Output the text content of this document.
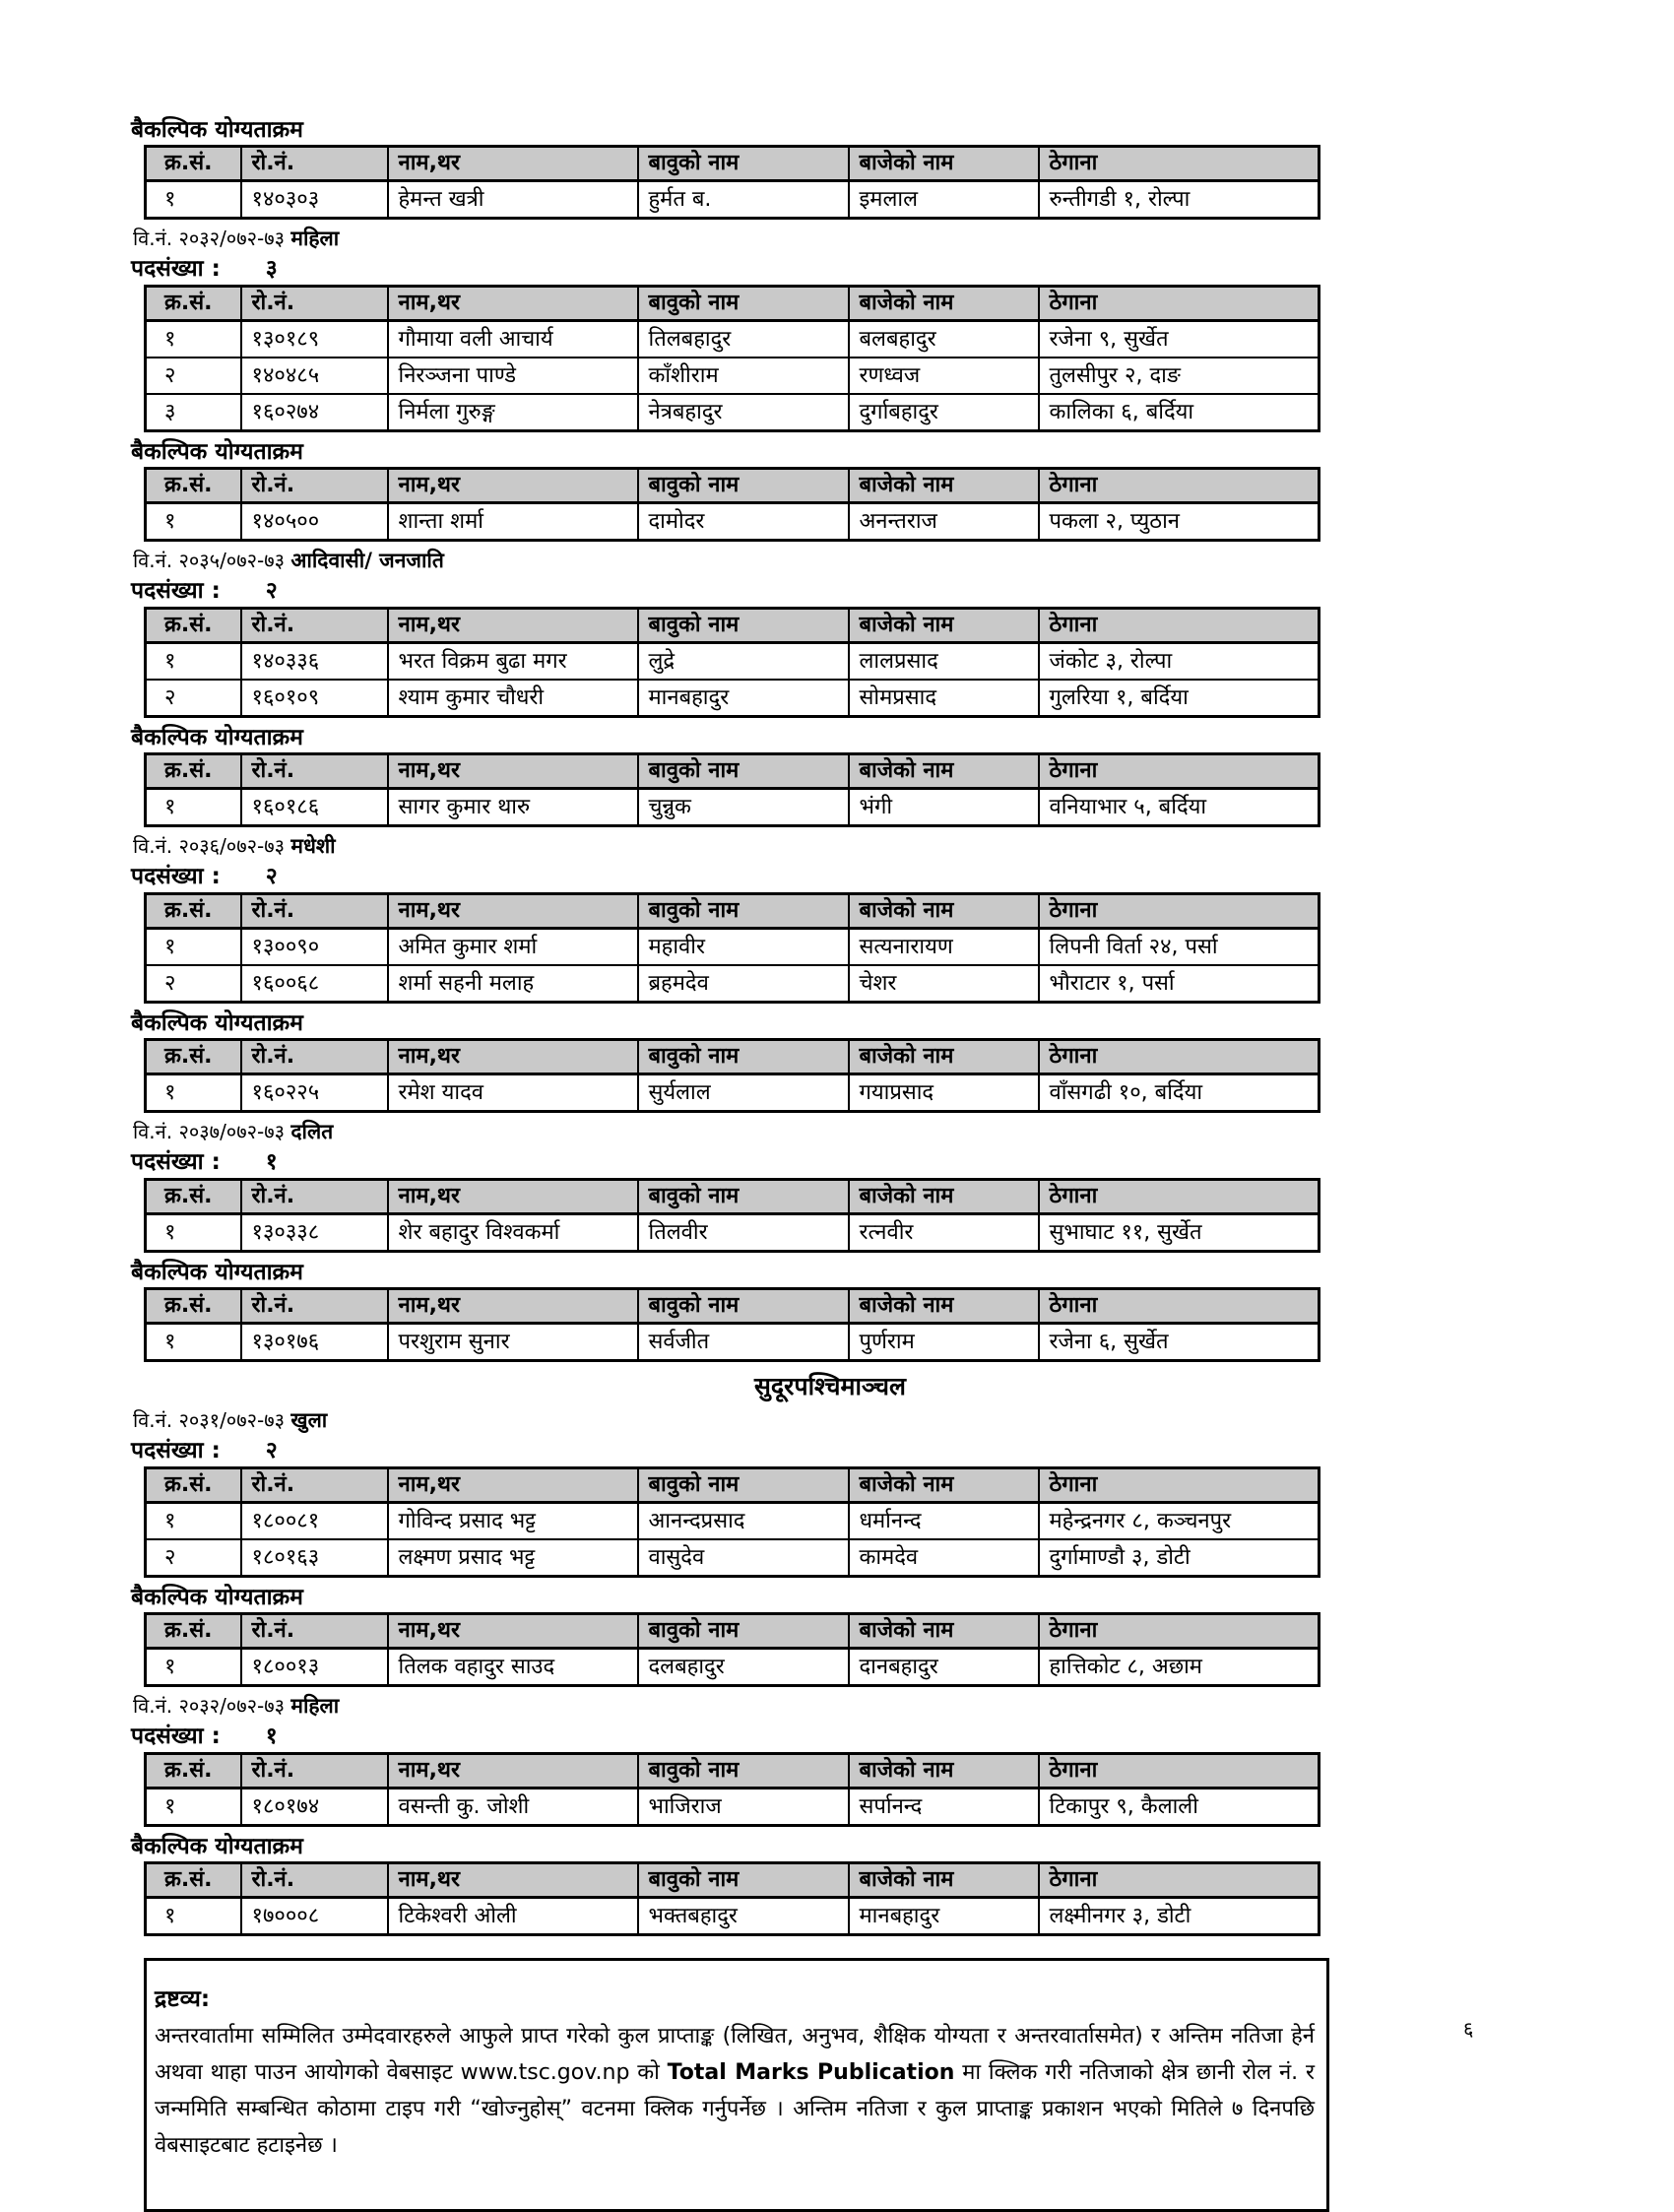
बैकल्पिक योग्यताक्रम
क्र.सं.	रो.नं.	नाम,थर	बावुको नाम	बाजेको नाम	ठेगाना
१	१४०३०३	हेमन्त खत्री	हुर्मत ब.	इमलाल	रुन्तीगडी १, रोल्पा
वि.नं. २०३२/०७२-७३ महिला
पदसंख्या : ३
क्र.सं.	रो.नं.	नाम,थर	बावुको नाम	बाजेको नाम	ठेगाना
१	१३०१८९	गौमाया वली आचार्य	तिलबहादुर	बलबहादुर	रजेना ९, सुर्खेत
२	१४०४८५	निरञ्जना पाण्डे	काँशीराम	रणध्वज	तुलसीपुर २, दाङ
३	१६०२७४	निर्मला गुरुङ्ग	नेत्रबहादुर	दुर्गाबहादुर	कालिका ६, बर्दिया
बैकल्पिक योग्यताक्रम
क्र.सं.	रो.नं.	नाम,थर	बावुको नाम	बाजेको नाम	ठेगाना
१	१४०५००	शान्ता शर्मा	दामोदर	अनन्तराज	पकला २, प्युठान
वि.नं. २०३५/०७२-७३ आदिवासी/ जनजाति
पदसंख्या : २
क्र.सं.	रो.नं.	नाम,थर	बावुको नाम	बाजेको नाम	ठेगाना
१	१४०३३६	भरत विक्रम बुढा मगर	लुद्रे	लालप्रसाद	जंकोट ३, रोल्पा
२	१६०१०९	श्याम कुमार चौधरी	मानबहादुर	सोमप्रसाद	गुलरिया १, बर्दिया
बैकल्पिक योग्यताक्रम
क्र.सं.	रो.नं.	नाम,थर	बावुको नाम	बाजेको नाम	ठेगाना
१	१६०१८६	सागर कुमार थारु	चुन्नुक	भंगी	वनियाभार ५, बर्दिया
वि.नं. २०३६/०७२-७३ मधेशी
पदसंख्या : २
क्र.सं.	रो.नं.	नाम,थर	बावुको नाम	बाजेको नाम	ठेगाना
१	१३००९०	अमित कुमार शर्मा	महावीर	सत्यनारायण	लिपनी विर्ता २४, पर्सा
२	१६००६८	शर्मा सहनी मलाह	ब्रहमदेव	चेशर	भौराटार १, पर्सा
बैकल्पिक योग्यताक्रम
क्र.सं.	रो.नं.	नाम,थर	बावुको नाम	बाजेको नाम	ठेगाना
१	१६०२२५	रमेश यादव	सुर्यलाल	गयाप्रसाद	वाँसगढी १०, बर्दिया
वि.नं. २०३७/०७२-७३ दलित
पदसंख्या : १
क्र.सं.	रो.नं.	नाम,थर	बावुको नाम	बाजेको नाम	ठेगाना
१	१३०३३८	शेर बहादुर विश्वकर्मा	तिलवीर	रत्नवीर	सुभाघाट ११, सुर्खेत
बैकल्पिक योग्यताक्रम
क्र.सं.	रो.नं.	नाम,थर	बावुको नाम	बाजेको नाम	ठेगाना
१	१३०१७६	परशुराम सुनार	सर्वजीत	पुर्णराम	रजेना ६, सुर्खेत
सुदूरपश्चिमाञ्चल
वि.नं. २०३१/०७२-७३ खुला
पदसंख्या : २
क्र.सं.	रो.नं.	नाम,थर	बावुको नाम	बाजेको नाम	ठेगाना
१	१८००८१	गोविन्द प्रसाद भट्ट	आनन्दप्रसाद	धर्मानन्द	महेन्द्रनगर ८, कञ्चनपुर
२	१८०१६३	लक्ष्मण प्रसाद भट्ट	वासुदेव	कामदेव	दुर्गामाण्डौ ३, डोटी
बैकल्पिक योग्यताक्रम
क्र.सं.	रो.नं.	नाम,थर	बावुको नाम	बाजेको नाम	ठेगाना
१	१८००१३	तिलक वहादुर साउद	दलबहादुर	दानबहादुर	हात्तिकोट ८, अछाम
वि.नं. २०३२/०७२-७३ महिला
पदसंख्या : १
क्र.सं.	रो.नं.	नाम,थर	बावुको नाम	बाजेको नाम	ठेगाना
१	१८०१७४	वसन्ती कु. जोशी	भाजिराज	सर्पानन्द	टिकापुर ९, कैलाली
बैकल्पिक योग्यताक्रम
क्र.सं.	रो.नं.	नाम,थर	बावुको नाम	बाजेको नाम	ठेगाना
१	१७०००८	टिकेश्वरी ओली	भक्तबहादुर	मानबहादुर	लक्ष्मीनगर ३, डोटी
द्रष्टव्य:
अन्तरवार्तामा सम्मिलित उम्मेदवारहरुले आफुले प्राप्त गरेको कुल प्राप्ताङ्क (लिखित, अनुभव, शैक्षिक योग्यता र अन्तरवार्तासमेत) र अन्तिम नतिजा हेर्न अथवा थाहा पाउन आयोगको वेबसाइट www.tsc.gov.np को Total Marks Publication मा क्लिक गरी नतिजाको क्षेत्र छानी रोल नं. र जन्ममिति सम्बन्धित कोठामा टाइप गरी “खोज्नुहोस्” वटनमा क्लिक गर्नुपर्नेछ । अन्तिम नतिजा र कुल प्राप्ताङ्क प्रकाशन भएको मितिले ७ दिनपछि वेबसाइटबाट हटाइनेछ ।
६
